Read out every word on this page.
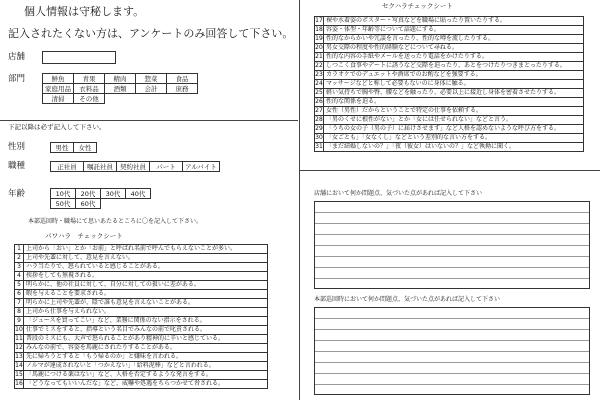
個人情報は守秘します。
記入されたくない方は、アンケートのみ回答して下さい。
店舗
部門	鮮魚	青果	精肉	惣菜	食品
家庭用品	衣料品	酒類	会計	庶務
清掃	その他			
下記以降は必ず記入して下さい。
性別	男性	女性
職種	正社員	嘱託社員	契約社員	パート	アルバイト
年齢	10代	20代	30代	40代
50代	60代		
本部巡回時・職場にて思いあたるところに〇を記入して下さい。
パワハラ　チェックシート
1	上司から「おい」とか「お前」と呼ばれ名前で呼んでもらえないことが多い。
2	上司や先輩に対して、意見を言えない。
3	ハラ当たりで、怒られていると感じることがある。
4	挨拶をしても無視される。
5	明らかに、他の社員に対して、自分に対しての扱いに差がある。
6	暇を与えることを要求される。
7	明らかに上司や先輩が、陰で誰も意見を言えないことがある。
8	上司から仕事を与えられない。
9	「ジュースを買ってこい」など、業務に関係のない指示をされる。
10	仕事でミスをすると、指導という名目でみんなの前で叱責される。
11	普段のミスにも、大声で怒られることがあり精神的に辛いと感じている。
12	みんなの前で、容姿を馬鹿にされたりすることがある。
13	先に帰ろうとすると「もう帰るのか」と嫌味を言われる。
14	ノルマが達成されないと「つかえない」「給料泥棒」などと言われる。
15	「馬鹿につける薬はない」など、人格を否定するような発言をする。
16	「どうなってもいいんだな」など、威嚇や処遇をちらつかせて脅される。
17	裸や水着姿のポスター・写真などを職場に貼ったり置いたりする。
18	容姿・体型・年齢等について話題にする。
19	性的なからかいや冗談を言ったり、性的な噂を流したりする。
20	男女交際の程度や性的経験などについて尋ねる。
21	性的な内容の手紙やメールを送ったり電話をかけたりする。
22	しつこく食事やデートに誘うなど交際を迫ったり、あとをつけたりつきまとったりする。
23	カラオケでのデュエットや酒席でのお酌などを強要する。
24	マッサージなどと称して必要もないのに身体に触る。
25	軽い気持ちで胸や臀、腰などを触ったり、必要以上に接近し身体を密着させたりする。
26	性的な関係を迫る。
27	女性（男性）だからということで特定の仕事を依頼する。
28	「男のくせに根性がない」とか「女には任せられない」などと言う。
29	「うちの女の子（男の子）に届けさせます」など人格を認めないような呼び方をする。
30	「女ごとも」「女なくし」などという差別的な言い方をする。
31	「まだ結婚しないの？」「夜（彼女）はいないの？」など執拗に聞く。
セクハラチェックシート
店舗において何か問題点、気づいた点があれば記入して下さい
本部巡回時において何か問題点、気づいた点があれば記入して下さい
